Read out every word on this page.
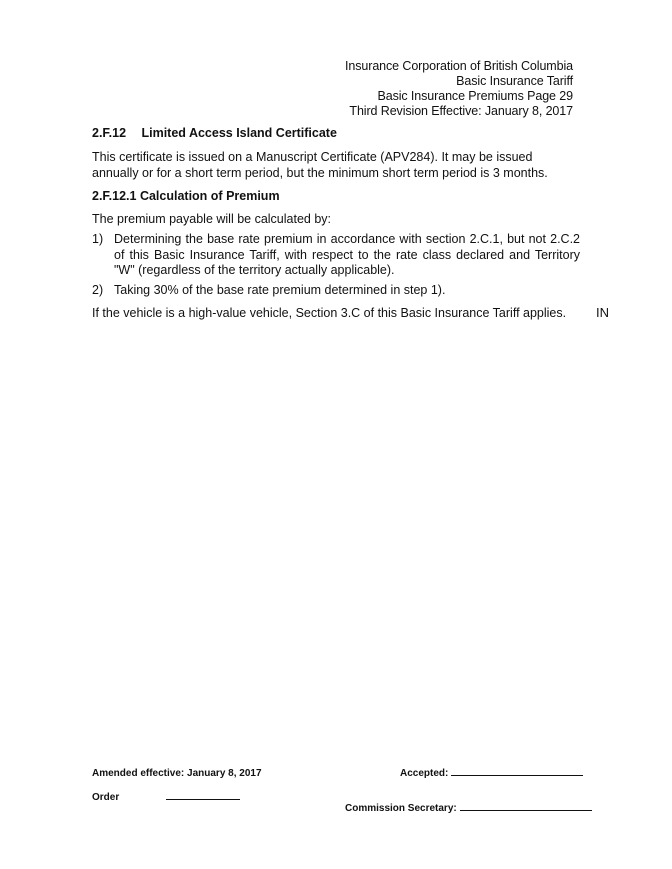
Insurance Corporation of British Columbia
Basic Insurance Tariff
Basic Insurance Premiums Page 29
Third Revision Effective: January 8, 2017
2.F.12 Limited Access Island Certificate
This certificate is issued on a Manuscript Certificate (APV284). It may be issued annually or for a short term period, but the minimum short term period is 3 months.
2.F.12.1 Calculation of Premium
The premium payable will be calculated by:
1) Determining the base rate premium in accordance with section 2.C.1, but not 2.C.2 of this Basic Insurance Tariff, with respect to the rate class declared and Territory "W" (regardless of the territory actually applicable).
2) Taking 30% of the base rate premium determined in step 1).
If the vehicle is a high-value vehicle, Section 3.C of this Basic Insurance Tariff applies.	IN
Amended effective: January 8, 2017
Order
Accepted:
Commission Secretary:
